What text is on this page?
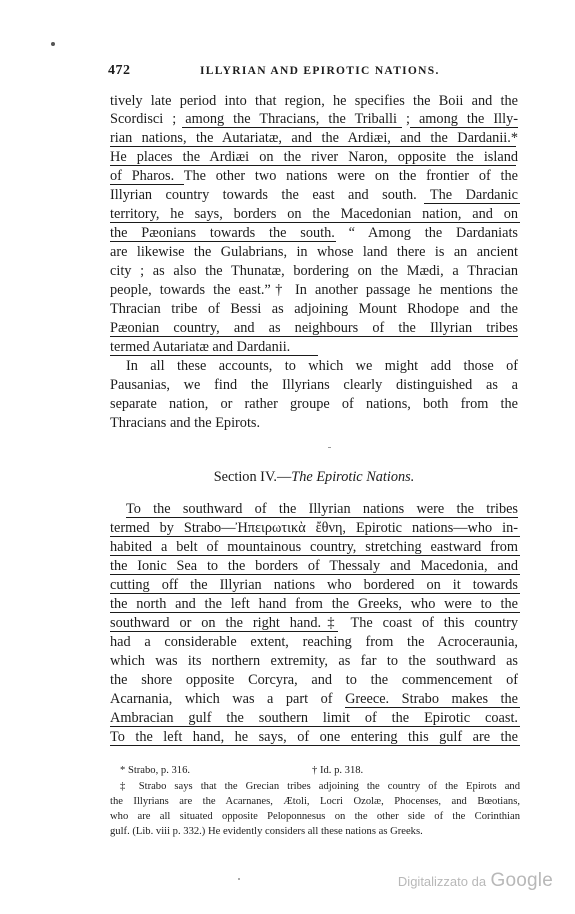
472	ILLYRIAN AND EPIROTIC NATIONS.
tively late period into that region, he specifies the Boii and the
Scordisci ; among the Thracians, the Triballi ; among the Illy-
rian nations, the Autariatæ, and the Ardiæi, and the Dardanii.*
He places the Ardiæi on the river Naron, opposite the island
of Pharos. The other two nations were on the frontier of the
Illyrian country towards the east and south. The Dardanic
territory, he says, borders on the Macedonian nation, and on
the Pæonians towards the south. “ Among the Dardaniats
are likewise the Gulabrians, in whose land there is an ancient
city ; as also the Thunatæ, bordering on the Mædi, a Thracian
people, towards the east.”† In another passage he mentions the
Thracian tribe of Bessi as adjoining Mount Rhodope and the
Pæonian country, and as neighbours of the Illyrian tribes
termed Autariatæ and Dardanii.
In all these accounts, to which we might add those of
Pausanias, we find the Illyrians clearly distinguished as a
separate nation, or rather groupe of nations, both from the
Thracians and the Epirots.
Section IV.—The Epirotic Nations.
To the southward of the Illyrian nations were the tribes
termed by Strabo—Ἠπειρωτικὰ ἔθνη, Epirotic nations—who in-
habited a belt of mountainous country, stretching eastward from
the Ionic Sea to the borders of Thessaly and Macedonia, and
cutting off the Illyrian nations who bordered on it towards
the north and the left hand from the Greeks, who were to the
southward or on the right hand.‡ The coast of this country
had a considerable extent, reaching from the Acroceraunia,
which was its northern extremity, as far to the southward as
the shore opposite Corcyra, and to the commencement of
Acarnania, which was a part of Greece. Strabo makes the
Ambracian gulf the southern limit of the Epirotic coast.
To the left hand, he says, of one entering this gulf are the
* Strabo, p. 316.	† Id. p. 318.
‡ Strabo says that the Grecian tribes adjoining the country of the Epirots and
the Illyrians are the Acarnanes, Ætoli, Locri Ozolæ, Phocenses, and Bœotians,
who are all situated opposite Peloponnesus on the other side of the Corinthian
gulf. (Lib. viii p. 332.) He evidently considers all these nations as Greeks.
Digitalizzato da Google
